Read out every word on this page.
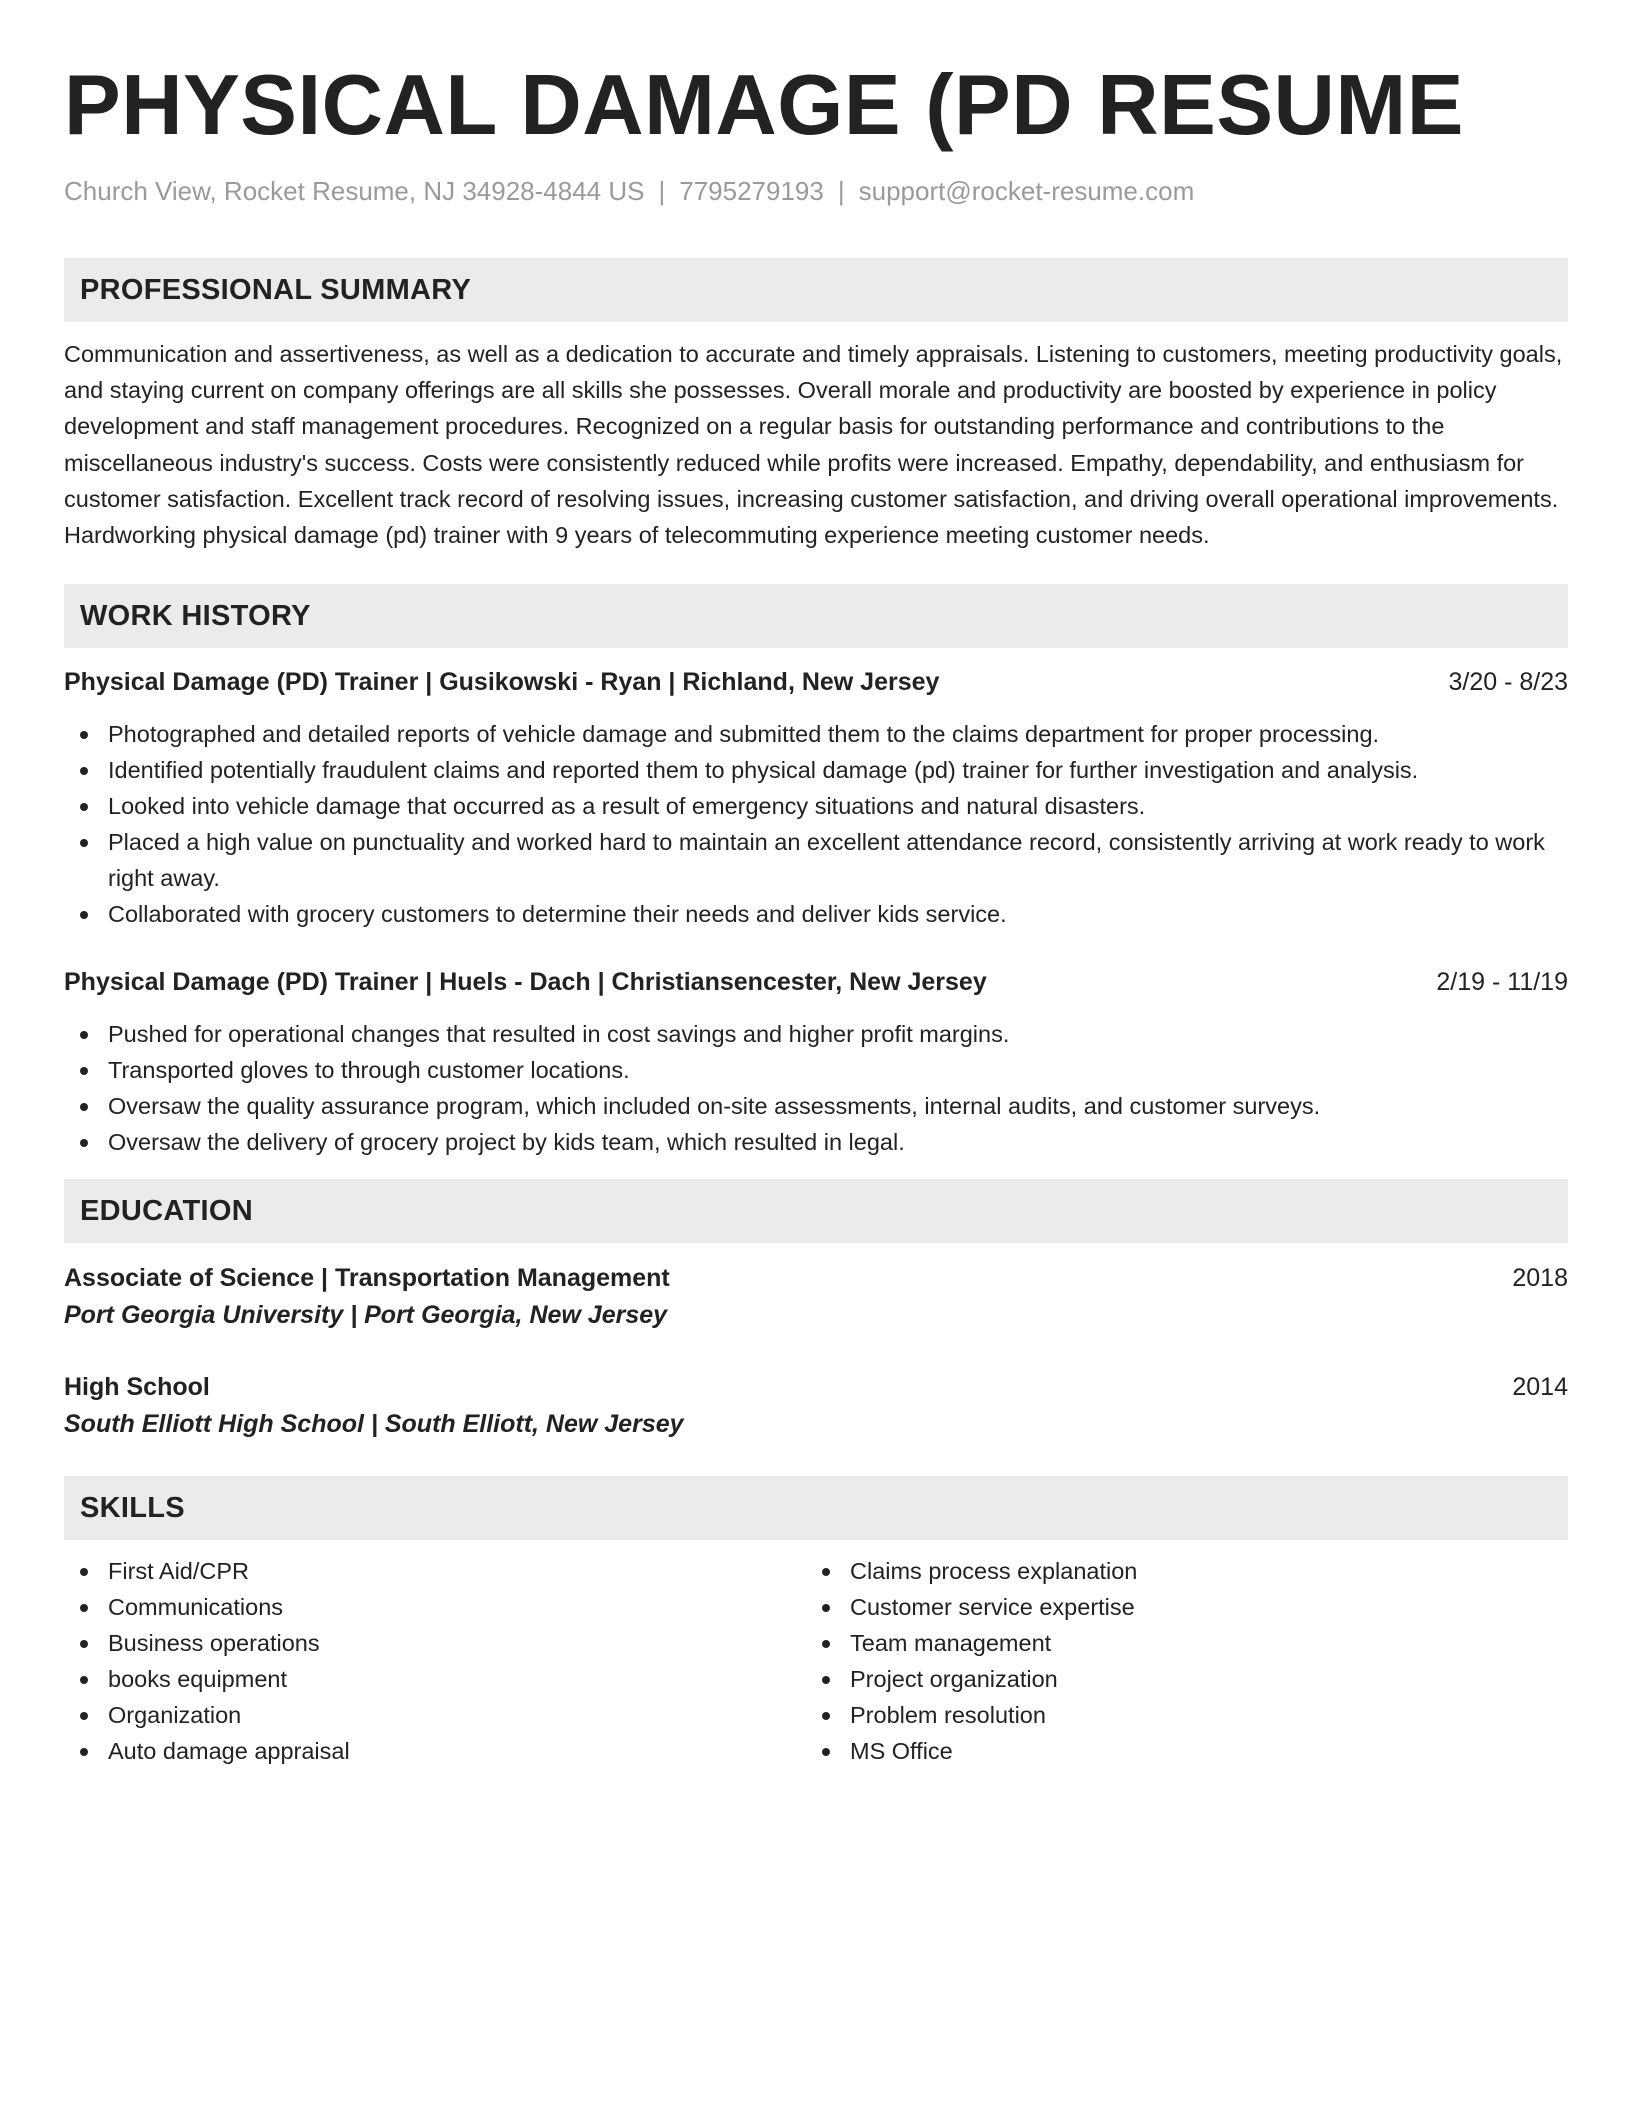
PHYSICAL DAMAGE (PD RESUME
Church View, Rocket Resume, NJ 34928-4844 US | 7795279193 | support@rocket-resume.com
PROFESSIONAL SUMMARY

Communication and assertiveness, as well as a dedication to accurate and timely appraisals. Listening to customers, meeting productivity goals, and staying current on company offerings are all skills she possesses. Overall morale and productivity are boosted by experience in policy development and staff management procedures. Recognized on a regular basis for outstanding performance and contributions to the miscellaneous industry's success. Costs were consistently reduced while profits were increased. Empathy, dependability, and enthusiasm for customer satisfaction. Excellent track record of resolving issues, increasing customer satisfaction, and driving overall operational improvements. Hardworking physical damage (pd) trainer with 9 years of telecommuting experience meeting customer needs.

WORK HISTORY
Physical Damage (PD) Trainer | Gusikowski - Ryan | Richland, New Jersey	3/20 - 8/23
Photographed and detailed reports of vehicle damage and submitted them to the claims department for proper processing.
Identified potentially fraudulent claims and reported them to physical damage (pd) trainer for further investigation and analysis.
Looked into vehicle damage that occurred as a result of emergency situations and natural disasters.
Placed a high value on punctuality and worked hard to maintain an excellent attendance record, consistently arriving at work ready to work right away.
Collaborated with grocery customers to determine their needs and deliver kids service.
Physical Damage (PD) Trainer | Huels - Dach | Christiansencester, New Jersey	2/19 - 11/19
Pushed for operational changes that resulted in cost savings and higher profit margins.
Transported gloves to through customer locations.
Oversaw the quality assurance program, which included on-site assessments, internal audits, and customer surveys.
Oversaw the delivery of grocery project by kids team, which resulted in legal.
EDUCATION
Associate of Science | Transportation Management	2018
Port Georgia University | Port Georgia, New Jersey
High School	2014
South Elliott High School | South Elliott, New Jersey
SKILLS
First Aid/CPR
Communications
Business operations
books equipment
Organization
Auto damage appraisal
Claims process explanation
Customer service expertise
Team management
Project organization
Problem resolution
MS Office
